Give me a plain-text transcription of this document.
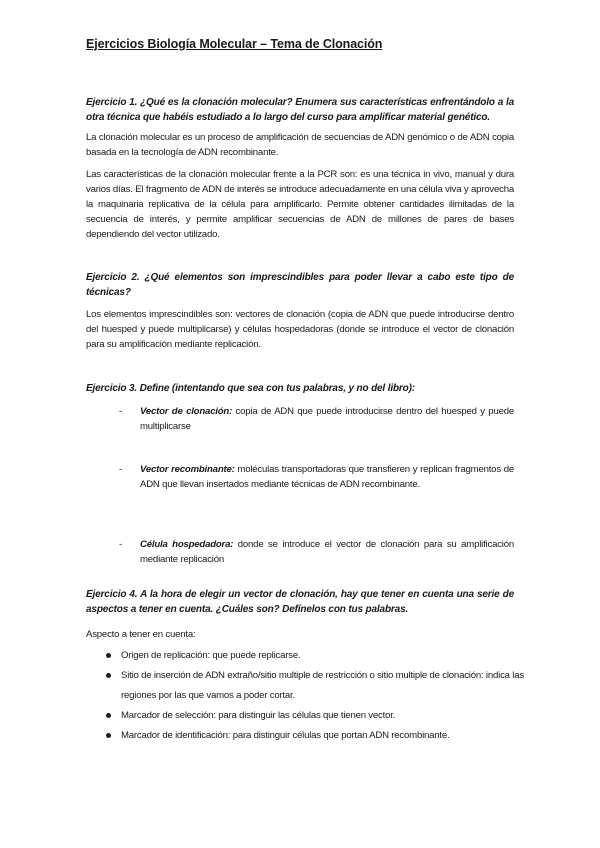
Ejercicios Biología Molecular – Tema de Clonación
Ejercicio 1. ¿Qué es la clonación molecular? Enumera sus características enfrentándolo a la otra técnica que habéis estudiado a lo largo del curso para amplificar material genético.
La clonación molecular es un proceso de amplificación de secuencias de ADN genómico o de ADN copia basada en la tecnología de ADN recombinante.
Las características de la clonación molecular frente a la PCR son: es una técnica in vivo, manual y dura varios días. El fragmento de ADN de interés se introduce adecuadamente en una célula viva y aprovecha la maquinaria replicativa de la célula para amplificarlo. Permite obtener cantidades ilimitadas de la secuencia de interés, y permite amplificar secuencias de ADN de millones de pares de bases dependiendo del vector utilizado.
Ejercicio 2. ¿Qué elementos son imprescindibles para poder llevar a cabo este tipo de técnicas?
Los elementos imprescindibles son: vectores de clonación (copia de ADN que puede introducirse dentro del huesped y puede multiplicarse) y células hospedadoras (donde se introduce el vector de clonación para su amplificación mediante replicación.
Ejercicio 3. Define (intentando que sea con tus palabras, y no del libro):
- Vector de clonación: copia de ADN que puede introducirse dentro del huesped y puede multiplicarse
- Vector recombinante: moléculas transportadoras que transfieren y replican fragmentos de ADN que llevan insertados mediante técnicas de ADN recombinante.
- Célula hospedadora: donde se introduce el vector de clonación para su amplificación mediante replicación
Ejercicio 4. A la hora de elegir un vector de clonación, hay que tener en cuenta una serie de aspectos a tener en cuenta. ¿Cuáles son? Defínelos con tus palabras.
Aspecto a tener en cuenta:
Origen de replicación: que puede replicarse.
Sitio de inserción de ADN extraño/sitio multiple de restricción o sitio multiple de clonación: indica las regiones por las que vamos a poder cortar.
Marcador de selección: para distinguir las células que tienen vector.
Marcador de identificación: para distinguir células que portan ADN recombinante.
